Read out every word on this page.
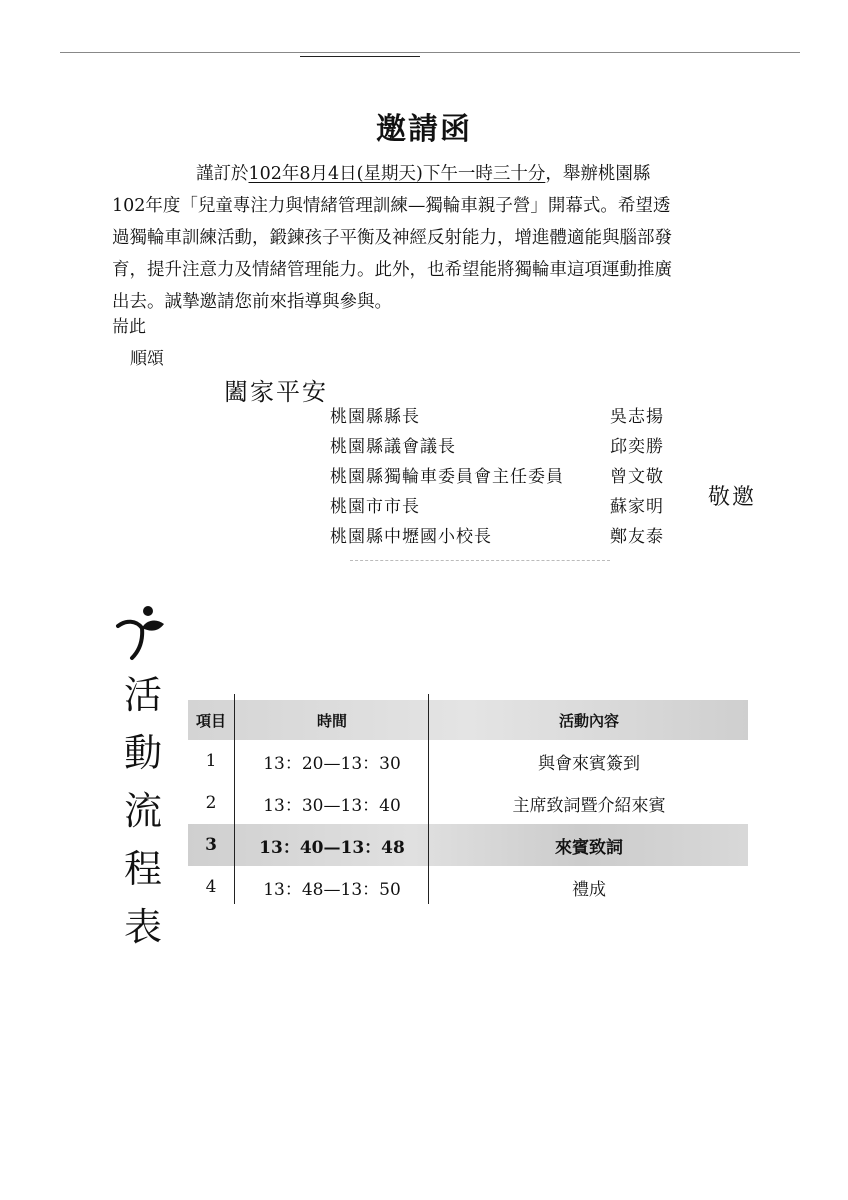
邀請函
謹訂於102年8月4日(星期天)下午一時三十分，舉辦桃園縣
102年度「兒童專注力與情緒管理訓練—獨輪車親子營」開幕式。希望透
過獨輪車訓練活動，鍛鍊孩子平衡及神經反射能力，增進體適能與腦部發
育，提升注意力及情緒管理能力。此外，也希望能將獨輪車這項運動推廣
出去。誠摯邀請您前來指導與參與。
耑此
順頌
闔家平安
桃園縣縣長	吳志揚
桃園縣議會議長	邱奕勝
桃園縣獨輪車委員會主任委員	曾文敬
桃園市市長	蘇家明
桃園縣中壢國小校長	鄭友泰
敬邀
活
動
流
程
表
項目	時間	活動內容
1	13：20—13：30	與會來賓簽到
2	13：30—13：40	主席致詞暨介紹來賓
3	13：40—13：48	來賓致詞
4	13：48—13：50	禮成
